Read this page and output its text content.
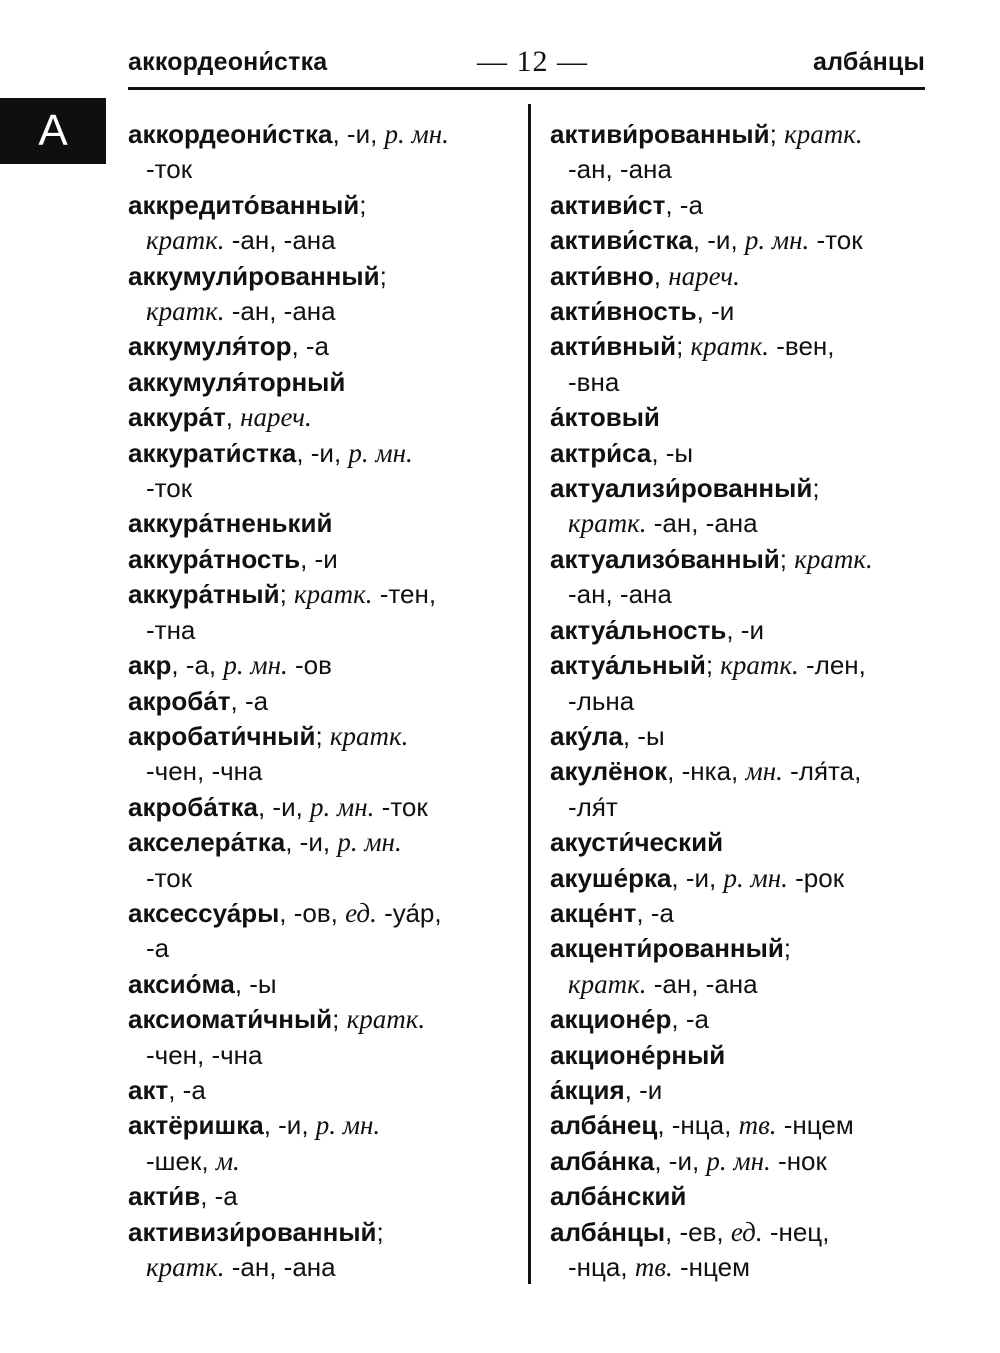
аккордеони́стка	— 12 —	алба́нцы
А аккордеони́стка, -и, р. мн.
-ток
аккредито́ванный;
кратк. -ан, -ана
аккумули́рованный;
кратк. -ан, -ана
аккумуля́тор, -а
аккумуля́торный
аккура́т, нареч.
аккурати́стка, -и, р. мн.
-ток
аккура́тненький
аккура́тность, -и
аккура́тный; кратк. -тен,
-тна
акр, -а, р. мн. -ов
акроба́т, -а
акробати́чный; кратк.
-чен, -чна
акроба́тка, -и, р. мн. -ток
акселера́тка, -и, р. мн.
-ток
аксессуа́ры, -ов, ед. -уа́р,
-а
аксио́ма, -ы
аксиомати́чный; кратк.
-чен, -чна
акт, -а
актёришка, -и, р. мн.
-шек, м.
акти́в, -а
активизи́рованный;
кратк. -ан, -ана
активи́рованный; кратк.
-ан, -ана
активи́ст, -а
активи́стка, -и, р. мн. -ток
акти́вно, нареч.
акти́вность, -и
акти́вный; кратк. -вен,
-вна
а́ктовый
актри́са, -ы
актуализи́рованный;
кратк. -ан, -ана
актуализо́ванный; кратк.
-ан, -ана
актуа́льность, -и
актуа́льный; кратк. -лен,
-льна
аку́ла, -ы
акулёнок, -нка, мн. -ля́та,
-ля́т
акусти́ческий
акуше́рка, -и, р. мн. -рок
акце́нт, -а
акценти́рованный;
кратк. -ан, -ана
акционе́р, -а
акционе́рный
а́кция, -и
алба́нец, -нца, тв. -нцем
алба́нка, -и, р. мн. -нок
алба́нский
алба́нцы, -ев, ед. -нец,
-нца, тв. -нцем
